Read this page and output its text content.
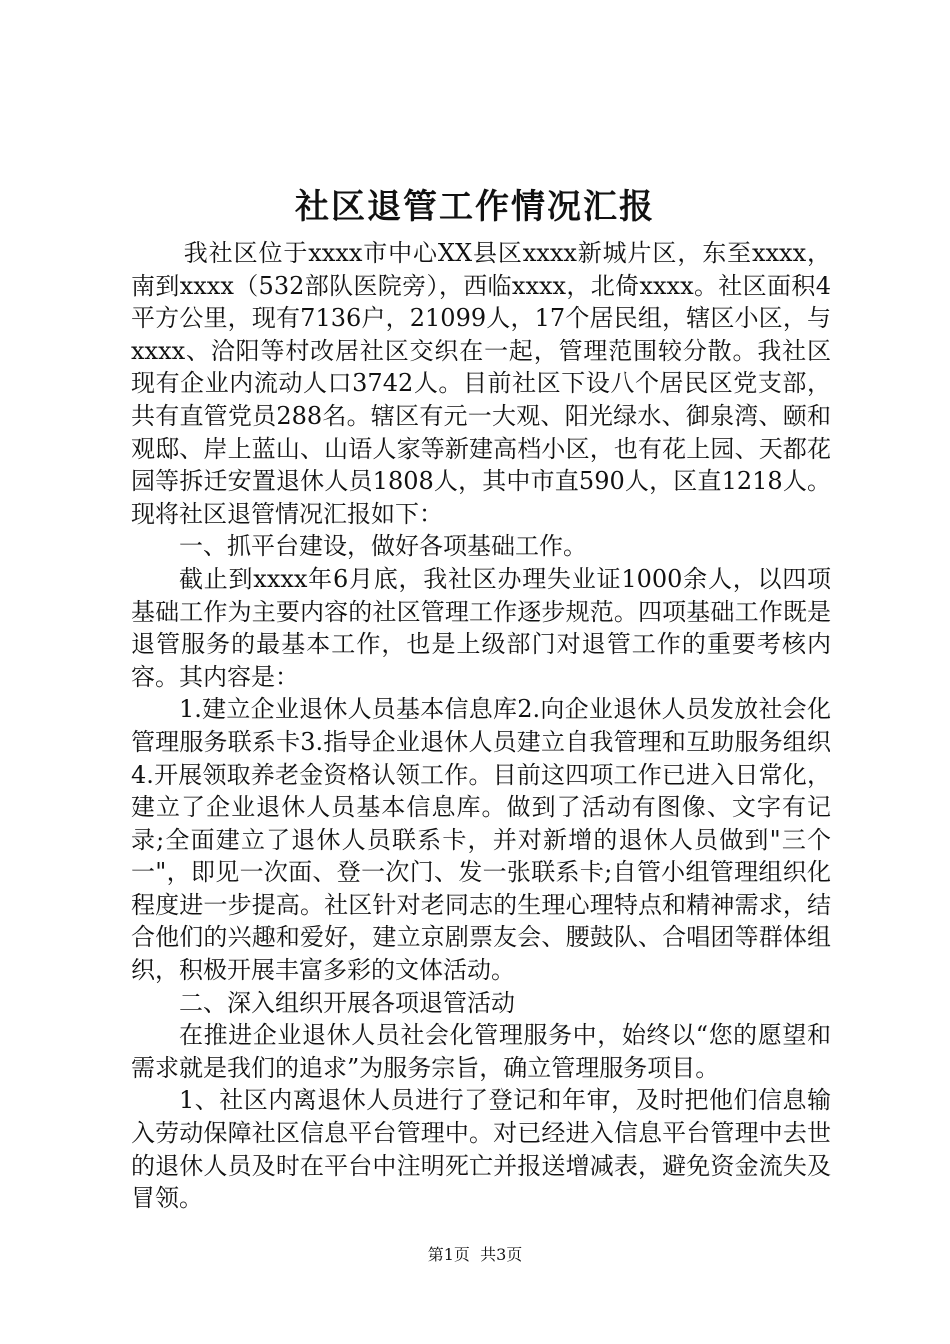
社区退管工作情况汇报

我社区位于xxxx市中心XX县区xxxx新城片区，东至xxxx，南到xxxx（532部队医院旁），西临xxxx，北倚xxxx。社区面积4平方公里，现有7136户，21099人，17个居民组，辖区小区，与xxxx、洽阳等村改居社区交织在一起，管理范围较分散。我社区现有企业内流动人口3742人。目前社区下设八个居民区党支部，共有直管党员288名。辖区有元一大观、阳光绿水、御泉湾、颐和观邸、岸上蓝山、山语人家等新建高档小区，也有花上园、天都花园等拆迁安置退休人员1808人，其中市直590人，区直1218人。现将社区退管情况汇报如下：

一、抓平台建设，做好各项基础工作。

截止到xxxx年6月底，我社区办理失业证1000余人，以四项基础工作为主要内容的社区管理工作逐步规范。四项基础工作既是退管服务的最基本工作，也是上级部门对退管工作的重要考核内容。其内容是：

1.建立企业退休人员基本信息库2.向企业退休人员发放社会化管理服务联系卡3.指导企业退休人员建立自我管理和互助服务组织4.开展领取养老金资格认领工作。目前这四项工作已进入日常化，建立了企业退休人员基本信息库。做到了活动有图像、文字有记录;全面建立了退休人员联系卡，并对新增的退休人员做到"三个一"，即见一次面、登一次门、发一张联系卡;自管小组管理组织化程度进一步提高。社区针对老同志的生理心理特点和精神需求，结合他们的兴趣和爱好，建立京剧票友会、腰鼓队、合唱团等群体组织，积极开展丰富多彩的文体活动。

二、深入组织开展各项退管活动

在推进企业退休人员社会化管理服务中，始终以“您的愿望和需求就是我们的追求”为服务宗旨，确立管理服务项目。

1、社区内离退休人员进行了登记和年审，及时把他们信息输入劳动保障社区信息平台管理中。对已经进入信息平台管理中去世的退休人员及时在平台中注明死亡并报送增减表，避免资金流失及冒领。

第1页 共3页
